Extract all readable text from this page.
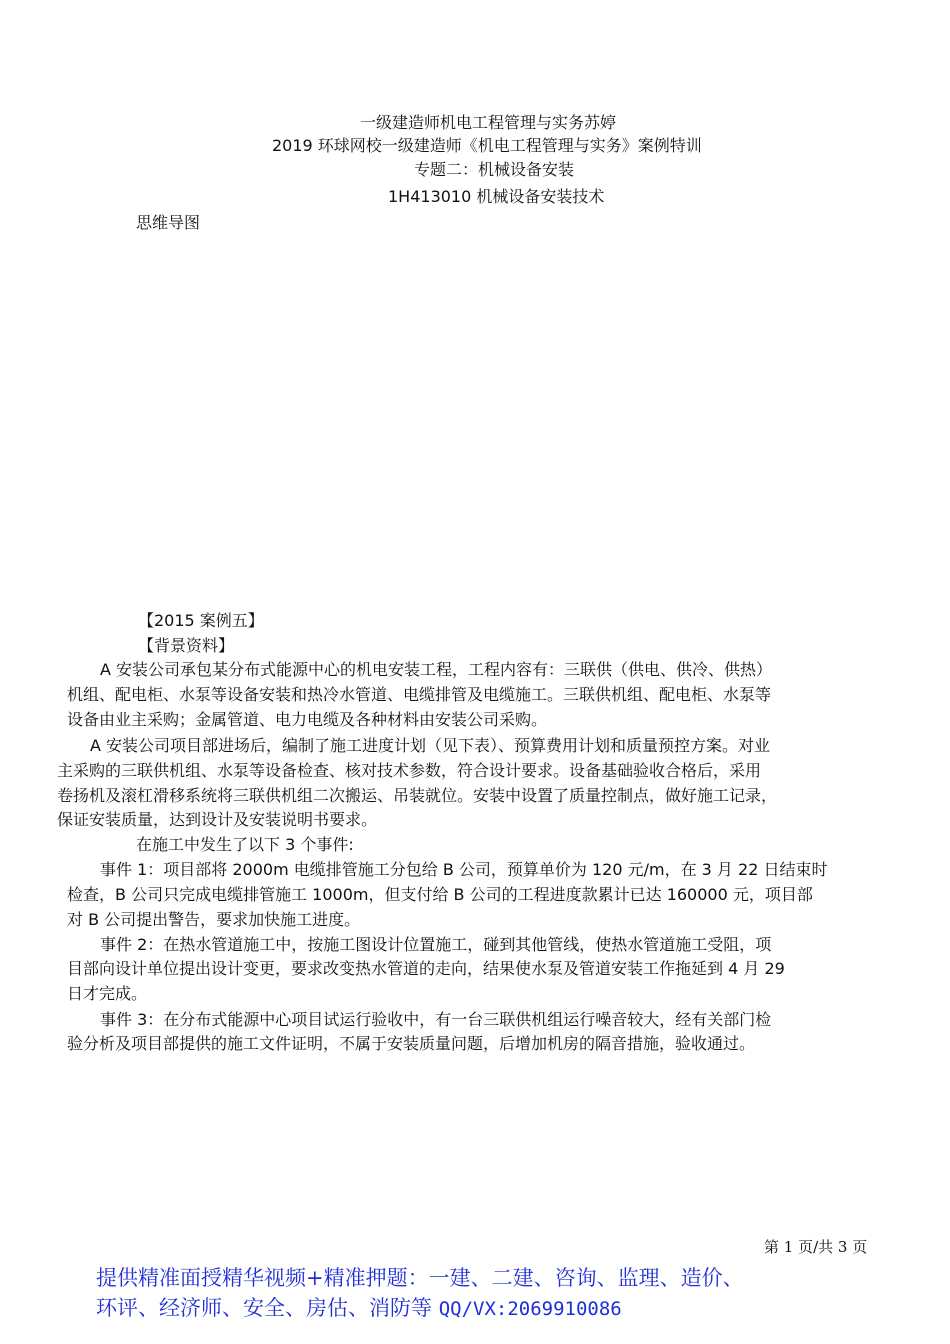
一级建造师机电工程管理与实务苏婷
2019 环球网校一级建造师《机电工程管理与实务》案例特训
专题二：机械设备安装
1H413010 机械设备安装技术
思维导图
【2015 案例五】
【背景资料】
A 安装公司承包某分布式能源中心的机电安装工程，工程内容有：三联供（供电、供冷、供热）
机组、配电柜、水泵等设备安装和热冷水管道、电缆排管及电缆施工。三联供机组、配电柜、水泵等
设备由业主采购；金属管道、电力电缆及各种材料由安装公司采购。
A 安装公司项目部进场后，编制了施工进度计划（见下表）、预算费用计划和质量预控方案。对业
主采购的三联供机组、水泵等设备检查、核对技术参数，符合设计要求。设备基础验收合格后，采用
卷扬机及滚杠滑移系统将三联供机组二次搬运、吊装就位。安装中设置了质量控制点，做好施工记录，
保证安装质量，达到设计及安装说明书要求。
在施工中发生了以下 3 个事件:
事件 1：项目部将 2000m 电缆排管施工分包给 B 公司，预算单价为 120 元/m，在 3 月 22 日结束时
检查，B 公司只完成电缆排管施工 1000m，但支付给 B 公司的工程进度款累计已达 160000 元，项目部
对 B 公司提出警告，要求加快施工进度。
事件 2：在热水管道施工中，按施工图设计位置施工，碰到其他管线，使热水管道施工受阻，项
目部向设计单位提出设计变更，要求改变热水管道的走向，结果使水泵及管道安装工作拖延到 4 月 29
日才完成。
事件 3：在分布式能源中心项目试运行验收中，有一台三联供机组运行噪音较大，经有关部门检
验分析及项目部提供的施工文件证明，不属于安装质量问题，后增加机房的隔音措施，验收通过。
第 1 页/共 3 页
提供精准面授精华视频+精准押题：一建、二建、咨询、监理、造价、
环评、经济师、安全、房估、消防等 QQ/VX:2069910086
